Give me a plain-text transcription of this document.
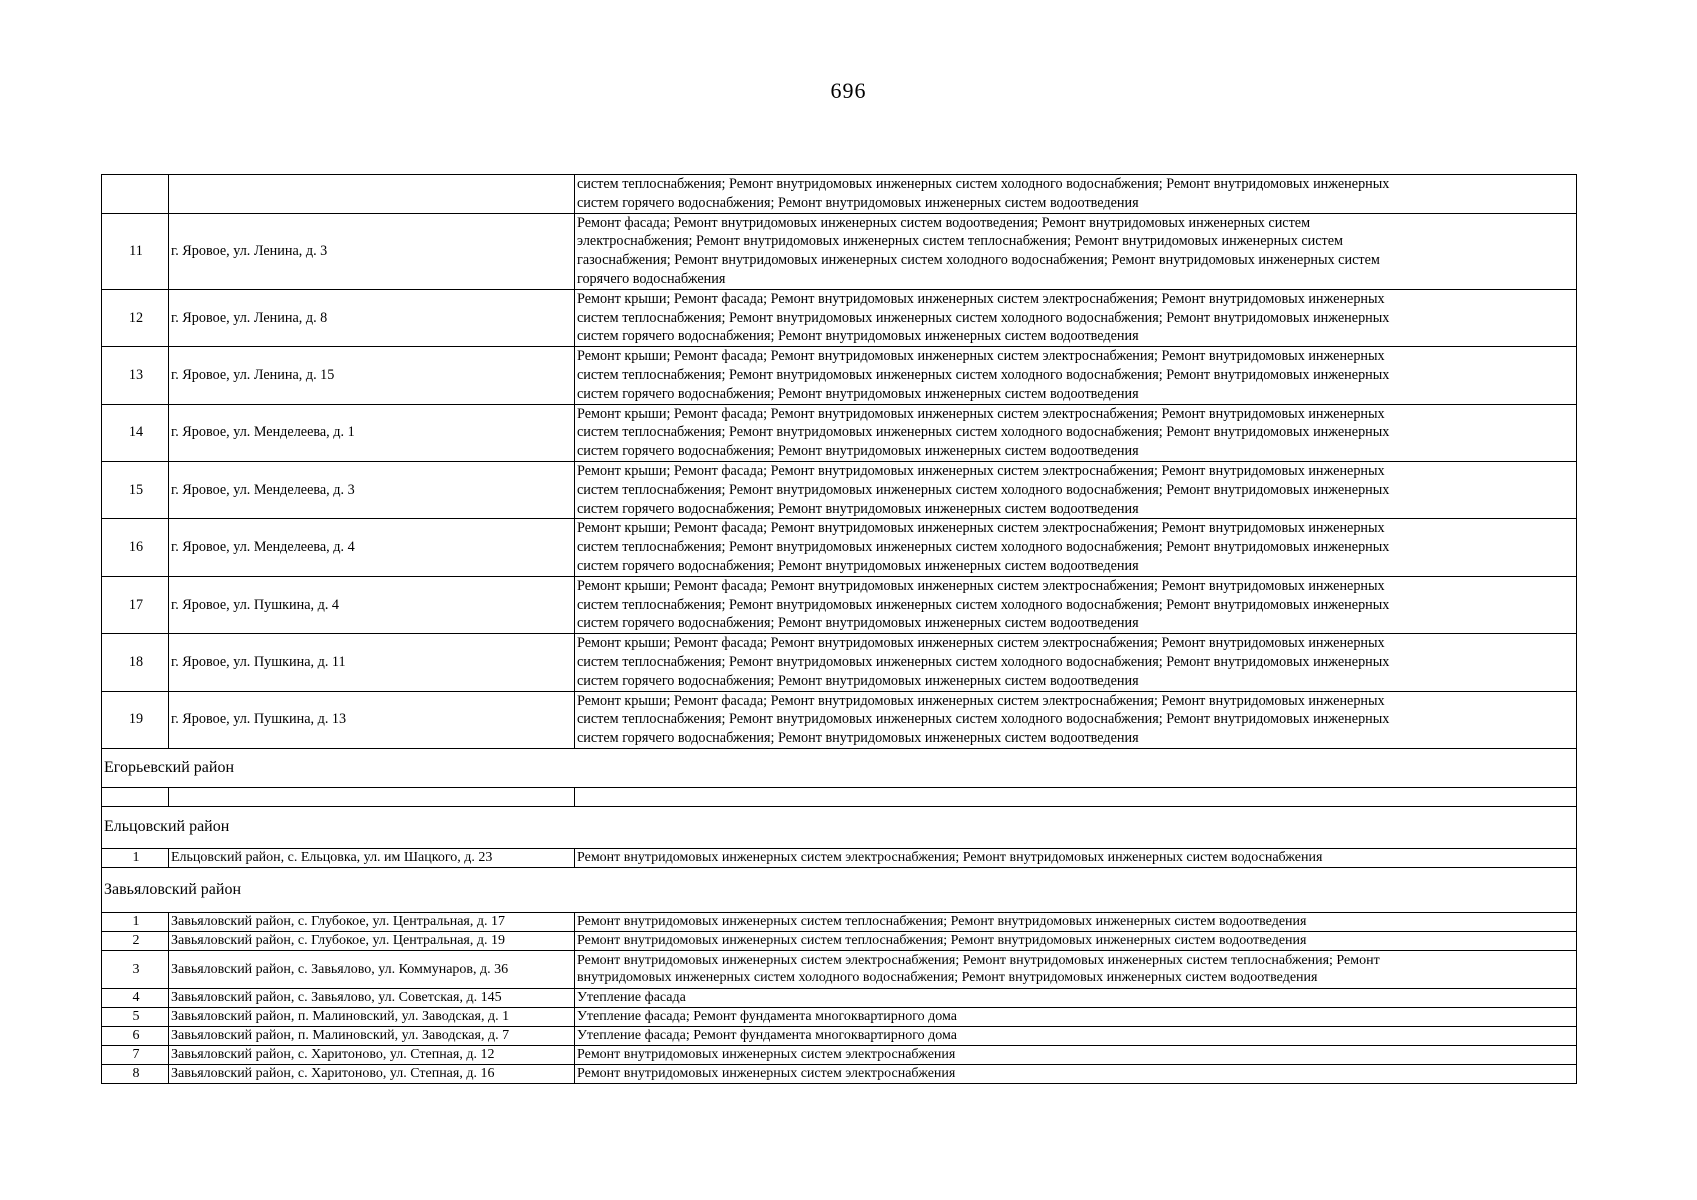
696

		систем теплоснабжения; Ремонт внутридомовых инженерных систем холодного водоснабжения; Ремонт внутридомовых инженерных
систем горячего водоснабжения; Ремонт внутридомовых инженерных систем водоотведения

11	г. Яровое, ул. Ленина, д. 3	Ремонт фасада; Ремонт внутридомовых инженерных систем водоотведения; Ремонт внутридомовых инженерных систем
электроснабжения; Ремонт внутридомовых инженерных систем теплоснабжения; Ремонт внутридомовых инженерных систем
газоснабжения; Ремонт внутридомовых инженерных систем холодного водоснабжения; Ремонт внутридомовых инженерных систем
горячего водоснабжения

12	г. Яровое, ул. Ленина, д. 8	Ремонт крыши; Ремонт фасада; Ремонт внутридомовых инженерных систем электроснабжения; Ремонт внутридомовых инженерных
систем теплоснабжения; Ремонт внутридомовых инженерных систем холодного водоснабжения; Ремонт внутридомовых инженерных
систем горячего водоснабжения; Ремонт внутридомовых инженерных систем водоотведения

13	г. Яровое, ул. Ленина, д. 15	Ремонт крыши; Ремонт фасада; Ремонт внутридомовых инженерных систем электроснабжения; Ремонт внутридомовых инженерных
систем теплоснабжения; Ремонт внутридомовых инженерных систем холодного водоснабжения; Ремонт внутридомовых инженерных
систем горячего водоснабжения; Ремонт внутридомовых инженерных систем водоотведения

14	г. Яровое, ул. Менделеева, д. 1	Ремонт крыши; Ремонт фасада; Ремонт внутридомовых инженерных систем электроснабжения; Ремонт внутридомовых инженерных
систем теплоснабжения; Ремонт внутридомовых инженерных систем холодного водоснабжения; Ремонт внутридомовых инженерных
систем горячего водоснабжения; Ремонт внутридомовых инженерных систем водоотведения

15	г. Яровое, ул. Менделеева, д. 3	Ремонт крыши; Ремонт фасада; Ремонт внутридомовых инженерных систем электроснабжения; Ремонт внутридомовых инженерных
систем теплоснабжения; Ремонт внутридомовых инженерных систем холодного водоснабжения; Ремонт внутридомовых инженерных
систем горячего водоснабжения; Ремонт внутридомовых инженерных систем водоотведения

16	г. Яровое, ул. Менделеева, д. 4	Ремонт крыши; Ремонт фасада; Ремонт внутридомовых инженерных систем электроснабжения; Ремонт внутридомовых инженерных
систем теплоснабжения; Ремонт внутридомовых инженерных систем холодного водоснабжения; Ремонт внутридомовых инженерных
систем горячего водоснабжения; Ремонт внутридомовых инженерных систем водоотведения

17	г. Яровое, ул. Пушкина, д. 4	Ремонт крыши; Ремонт фасада; Ремонт внутридомовых инженерных систем электроснабжения; Ремонт внутридомовых инженерных
систем теплоснабжения; Ремонт внутридомовых инженерных систем холодного водоснабжения; Ремонт внутридомовых инженерных
систем горячего водоснабжения; Ремонт внутридомовых инженерных систем водоотведения

18	г. Яровое, ул. Пушкина, д. 11	Ремонт крыши; Ремонт фасада; Ремонт внутридомовых инженерных систем электроснабжения; Ремонт внутридомовых инженерных
систем теплоснабжения; Ремонт внутридомовых инженерных систем холодного водоснабжения; Ремонт внутридомовых инженерных
систем горячего водоснабжения; Ремонт внутридомовых инженерных систем водоотведения

19	г. Яровое, ул. Пушкина, д. 13	Ремонт крыши; Ремонт фасада; Ремонт внутридомовых инженерных систем электроснабжения; Ремонт внутридомовых инженерных
систем теплоснабжения; Ремонт внутридомовых инженерных систем холодного водоснабжения; Ремонт внутридомовых инженерных
систем горячего водоснабжения; Ремонт внутридомовых инженерных систем водоотведения

Егорьевский район		

Ельцовский район		
1	Ельцовский район, с. Ельцовка, ул. им Шацкого, д. 23	Ремонт внутридомовых инженерных систем электроснабжения; Ремонт внутридомовых инженерных систем водоснабжения

Завьяловский район		
1	Завьяловский район, с. Глубокое, ул. Центральная, д. 17	Ремонт внутридомовых инженерных систем теплоснабжения; Ремонт внутридомовых инженерных систем водоотведения

2	Завьяловский район, с. Глубокое, ул. Центральная, д. 19	Ремонт внутридомовых инженерных систем теплоснабжения; Ремонт внутридомовых инженерных систем водоотведения

3	Завьяловский район, с. Завьялово, ул. Коммунаров, д. 36	Ремонт внутридомовых инженерных систем электроснабжения; Ремонт внутридомовых инженерных систем теплоснабжения; Ремонт
внутридомовых инженерных систем холодного водоснабжения; Ремонт внутридомовых инженерных систем водоотведения

4	Завьяловский район, с. Завьялово, ул. Советская, д. 145	Утепление фасада

5	Завьяловский район, п. Малиновский, ул. Заводская, д. 1	Утепление фасада; Ремонт фундамента многоквартирного дома

6	Завьяловский район, п. Малиновский, ул. Заводская, д. 7	Утепление фасада; Ремонт фундамента многоквартирного дома

7	Завьяловский район, с. Харитоново, ул. Степная, д. 12	Ремонт внутридомовых инженерных систем электроснабжения

8	Завьяловский район, с. Харитоново, ул. Степная, д. 16	Ремонт внутридомовых инженерных систем электроснабжения
